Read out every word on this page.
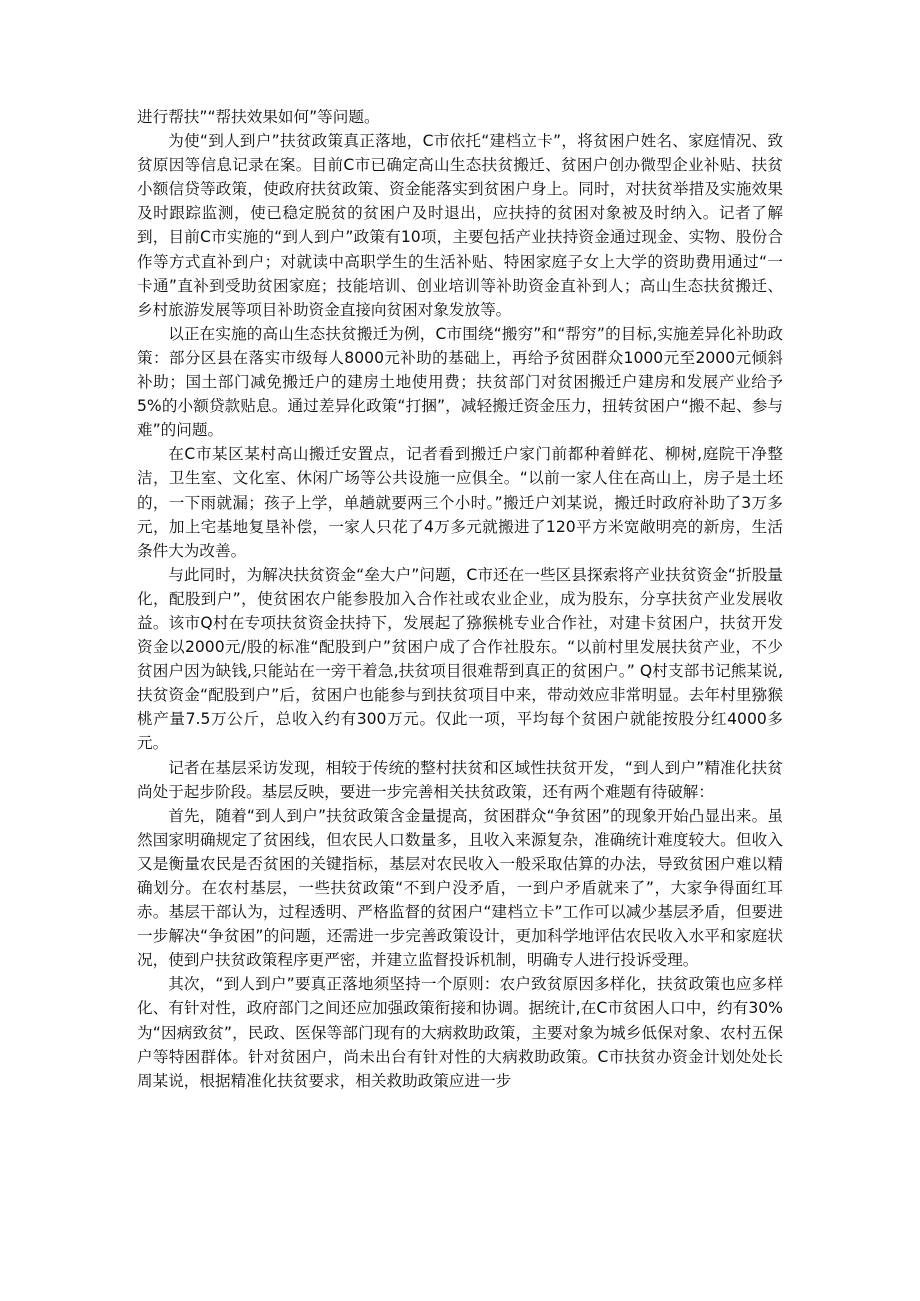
进行帮扶”“帮扶效果如何”等问题。

为使“到人到户”扶贫政策真正落地，C市依托“建档立卡”，将贫困户姓名、家庭情况、致贫原因等信息记录在案。目前C市已确定高山生态扶贫搬迁、贫困户创办微型企业补贴、扶贫小额信贷等政策，使政府扶贫政策、资金能落实到贫困户身上。同时，对扶贫举措及实施效果及时跟踪监测，使已稳定脱贫的贫困户及时退出，应扶持的贫困对象被及时纳入。记者了解到，目前C市实施的“到人到户”政策有10项，主要包括产业扶持资金通过现金、实物、股份合作等方式直补到户；对就读中高职学生的生活补贴、特困家庭子女上大学的资助费用通过“一卡通”直补到受助贫困家庭；技能培训、创业培训等补助资金直补到人；高山生态扶贫搬迁、乡村旅游发展等项目补助资金直接向贫困对象发放等。

以正在实施的高山生态扶贫搬迁为例，C市围绕“搬穷”和“帮穷”的目标,实施差异化补助政策：部分区县在落实市级每人8000元补助的基础上，再给予贫困群众1000元至2000元倾斜补助；国土部门减免搬迁户的建房土地使用费；扶贫部门对贫困搬迁户建房和发展产业给予5%的小额贷款贴息。通过差异化政策“打捆”，减轻搬迁资金压力，扭转贫困户“搬不起、参与难”的问题。

在C市某区某村高山搬迁安置点，记者看到搬迁户家门前都种着鲜花、柳树,庭院干净整洁，卫生室、文化室、休闲广场等公共设施一应俱全。“以前一家人住在高山上，房子是土坯的，一下雨就漏；孩子上学，单趟就要两三个小时。”搬迁户刘某说，搬迁时政府补助了3万多元，加上宅基地复垦补偿，一家人只花了4万多元就搬进了120平方米宽敞明亮的新房，生活条件大为改善。

与此同时，为解决扶贫资金“垒大户”问题，C市还在一些区县探索将产业扶贫资金“折股量化，配股到户”，使贫困农户能参股加入合作社或农业企业，成为股东，分享扶贫产业发展收益。该市Q村在专项扶贫资金扶持下，发展起了猕猴桃专业合作社，对建卡贫困户，扶贫开发资金以2000元/股的标准“配股到户”贫困户成了合作社股东。“以前村里发展扶贫产业，不少贫困户因为缺钱,只能站在一旁干着急,扶贫项目很难帮到真正的贫困户。” Q村支部书记熊某说,扶贫资金“配股到户”后，贫困户也能参与到扶贫项目中来，带动效应非常明显。去年村里猕猴桃产量7.5万公斤，总收入约有300万元。仅此一项，平均每个贫困户就能按股分红4000多元。

记者在基层采访发现，相较于传统的整村扶贫和区域性扶贫开发，“到人到户”精准化扶贫尚处于起步阶段。基层反映，要进一步完善相关扶贫政策，还有两个难题有待破解：

首先，随着“到人到户”扶贫政策含金量提高，贫困群众“争贫困”的现象开始凸显出来。虽然国家明确规定了贫困线，但农民人口数量多，且收入来源复杂，准确统计难度较大。但收入又是衡量农民是否贫困的关键指标，基层对农民收入一般采取估算的办法，导致贫困户难以精确划分。在农村基层，一些扶贫政策“不到户没矛盾，一到户矛盾就来了”，大家争得面红耳赤。基层干部认为，过程透明、严格监督的贫困户“建档立卡”工作可以减少基层矛盾，但要进一步解决“争贫困”的问题，还需进一步完善政策设计，更加科学地评估农民收入水平和家庭状况，使到户扶贫政策程序更严密，并建立监督投诉机制，明确专人进行投诉受理。

其次，“到人到户”要真正落地须坚持一个原则：农户致贫原因多样化，扶贫政策也应多样化、有针对性，政府部门之间还应加强政策衔接和协调。据统计,在C市贫困人口中，约有30%为“因病致贫”，民政、医保等部门现有的大病救助政策，主要对象为城乡低保对象、农村五保户等特困群体。针对贫困户，尚未出台有针对性的大病救助政策。C市扶贫办资金计划处处长周某说，根据精准化扶贫要求，相关救助政策应进一步
